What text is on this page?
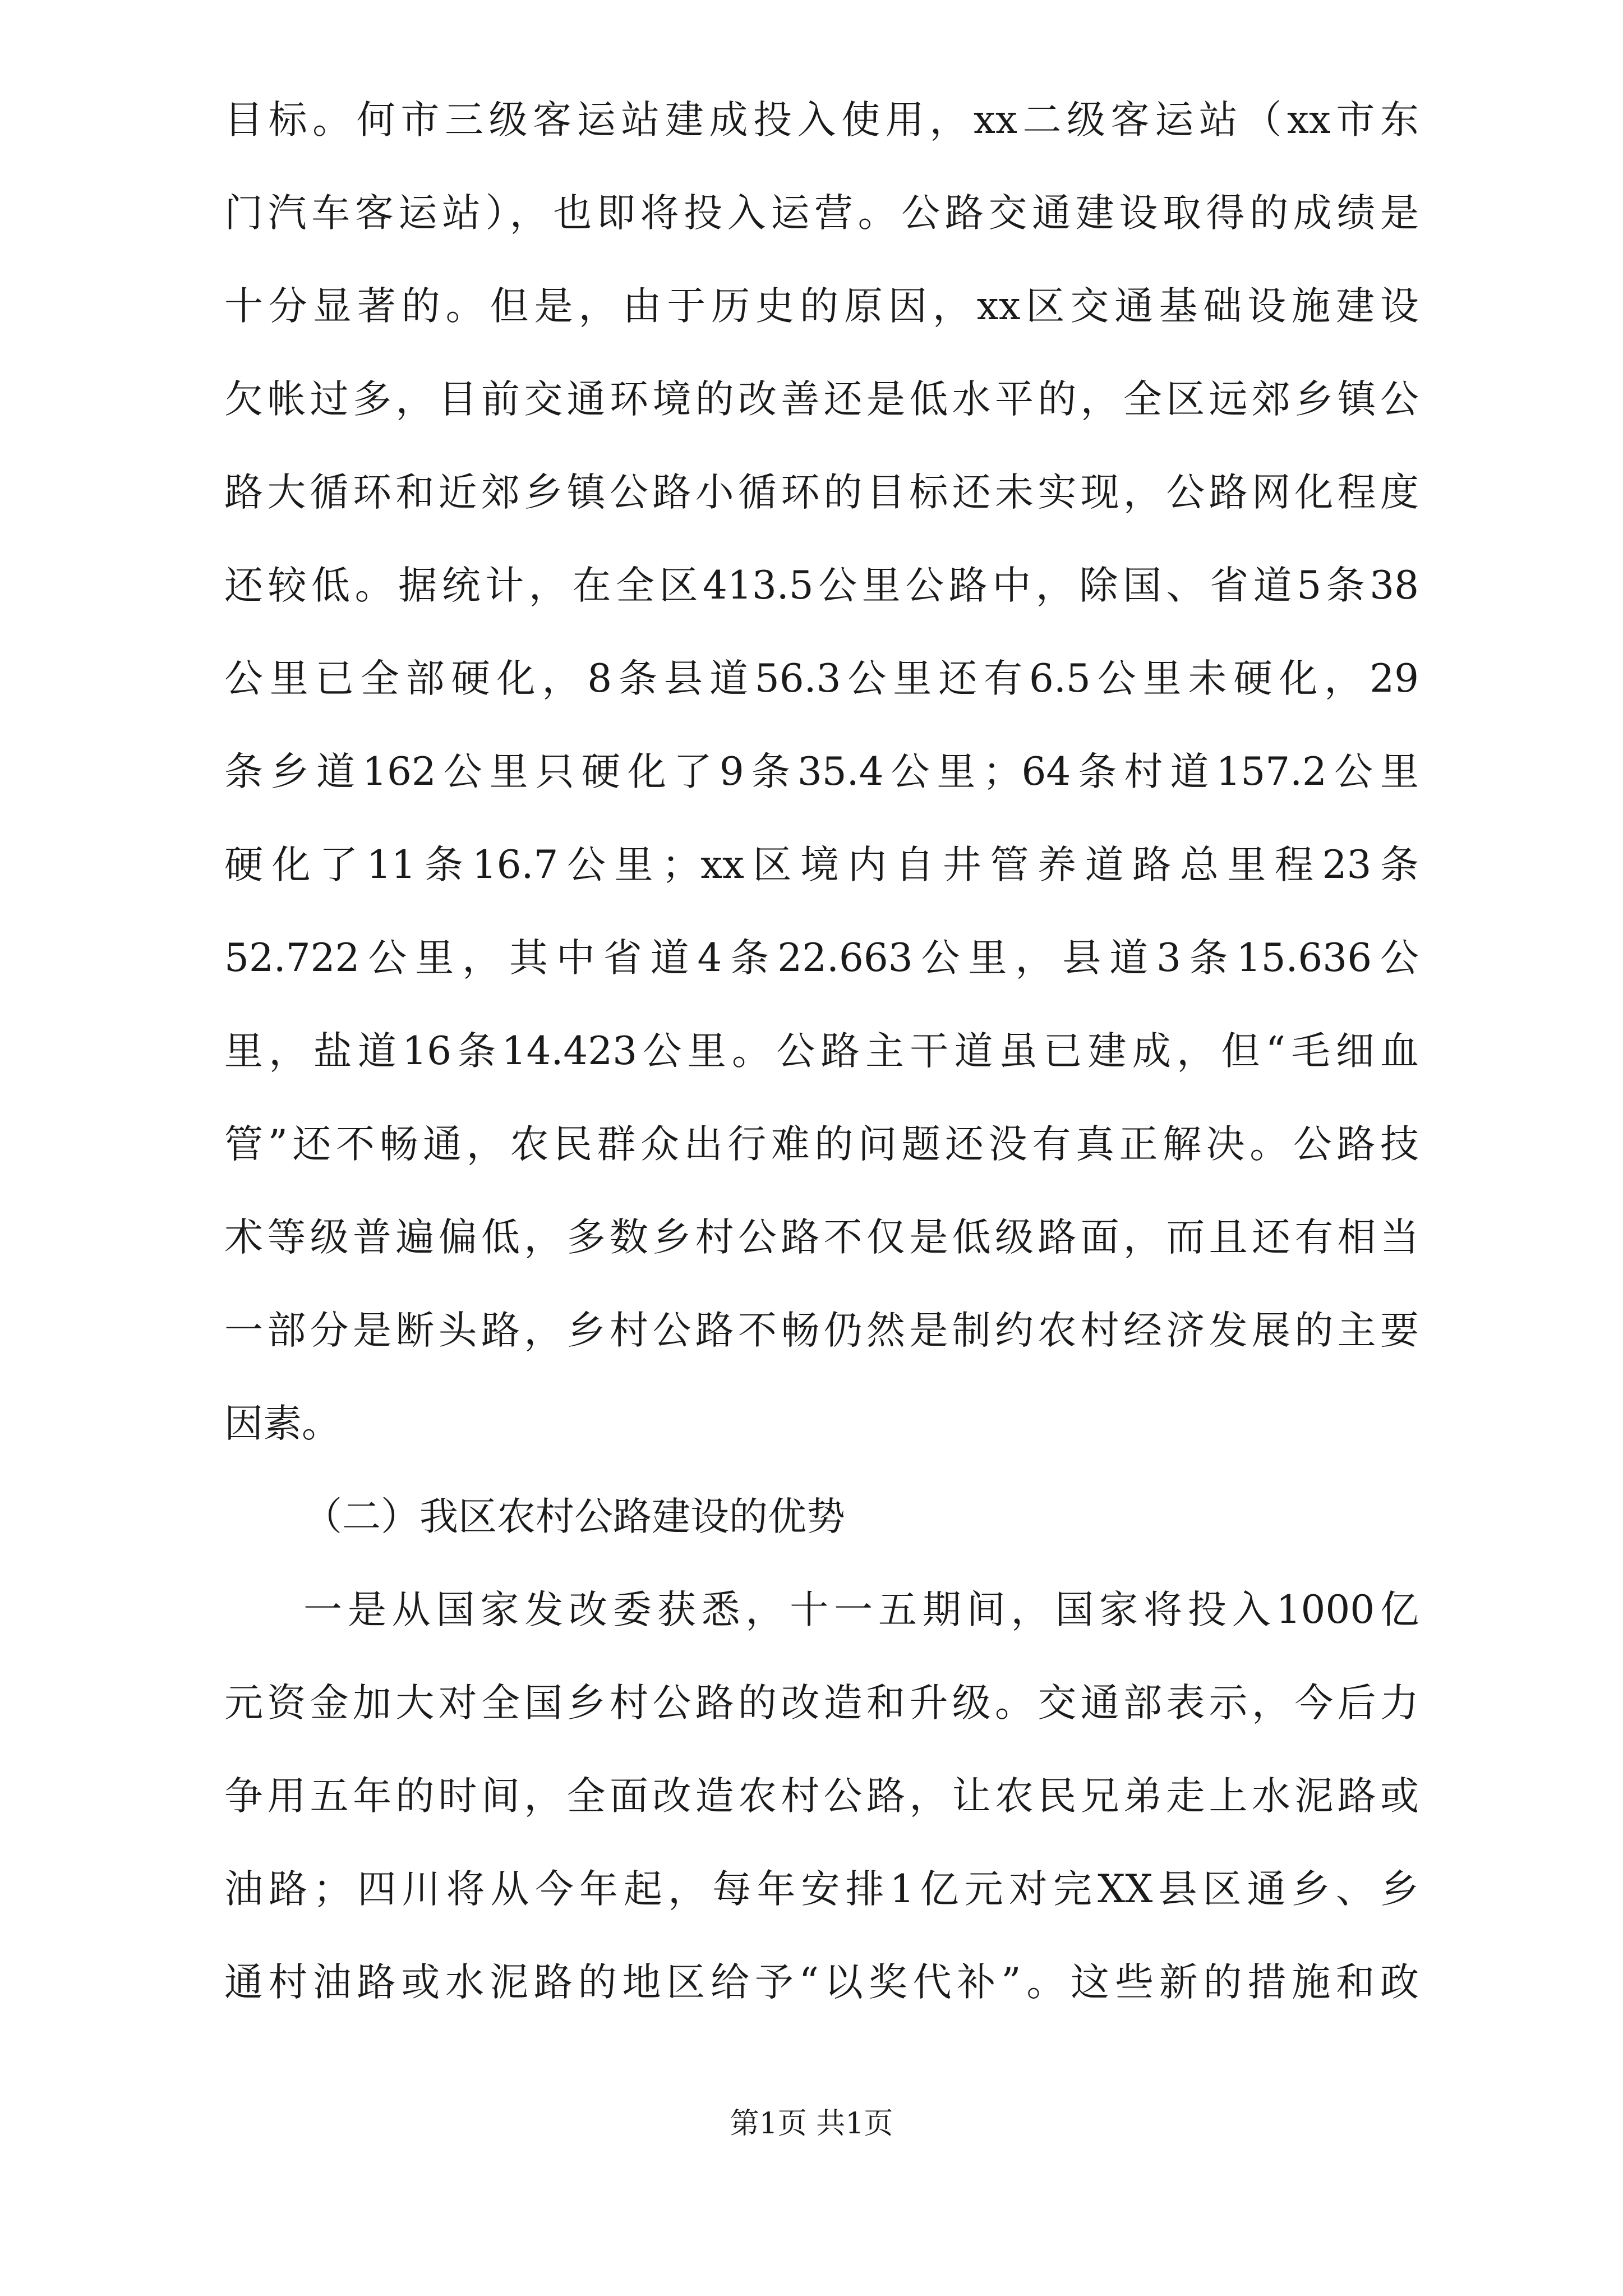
目标。何市三级客运站建成投入使用，xx二级客运站（xx市东
门汽车客运站），也即将投入运营。公路交通建设取得的成绩是
十分显著的。但是，由于历史的原因，xx区交通基础设施建设
欠帐过多，目前交通环境的改善还是低水平的，全区远郊乡镇公
路大循环和近郊乡镇公路小循环的目标还未实现，公路网化程度
还较低。据统计，在全区413.5公里公路中，除国、省道5条38
公里已全部硬化，8条县道56.3公里还有6.5公里未硬化，29
条乡道162公里只硬化了9条35.4公里；64条村道157.2公里
硬化了11条16.7公里；xx区境内自井管养道路总里程23条
52.722公里，其中省道4条22.663公里，县道3条15.636公
里，盐道16条14.423公里。公路主干道虽已建成，但“毛细血
管”还不畅通，农民群众出行难的问题还没有真正解决。公路技
术等级普遍偏低，多数乡村公路不仅是低级路面，而且还有相当
一部分是断头路，乡村公路不畅仍然是制约农村经济发展的主要
因素。
（二）我区农村公路建设的优势
一是从国家发改委获悉，十一五期间，国家将投入1000亿
元资金加大对全国乡村公路的改造和升级。交通部表示，今后力
争用五年的时间，全面改造农村公路，让农民兄弟走上水泥路或
油路；四川将从今年起，每年安排1亿元对完XX县区通乡、乡
通村油路或水泥路的地区给予“以奖代补”。这些新的措施和政
第1页 共1页
